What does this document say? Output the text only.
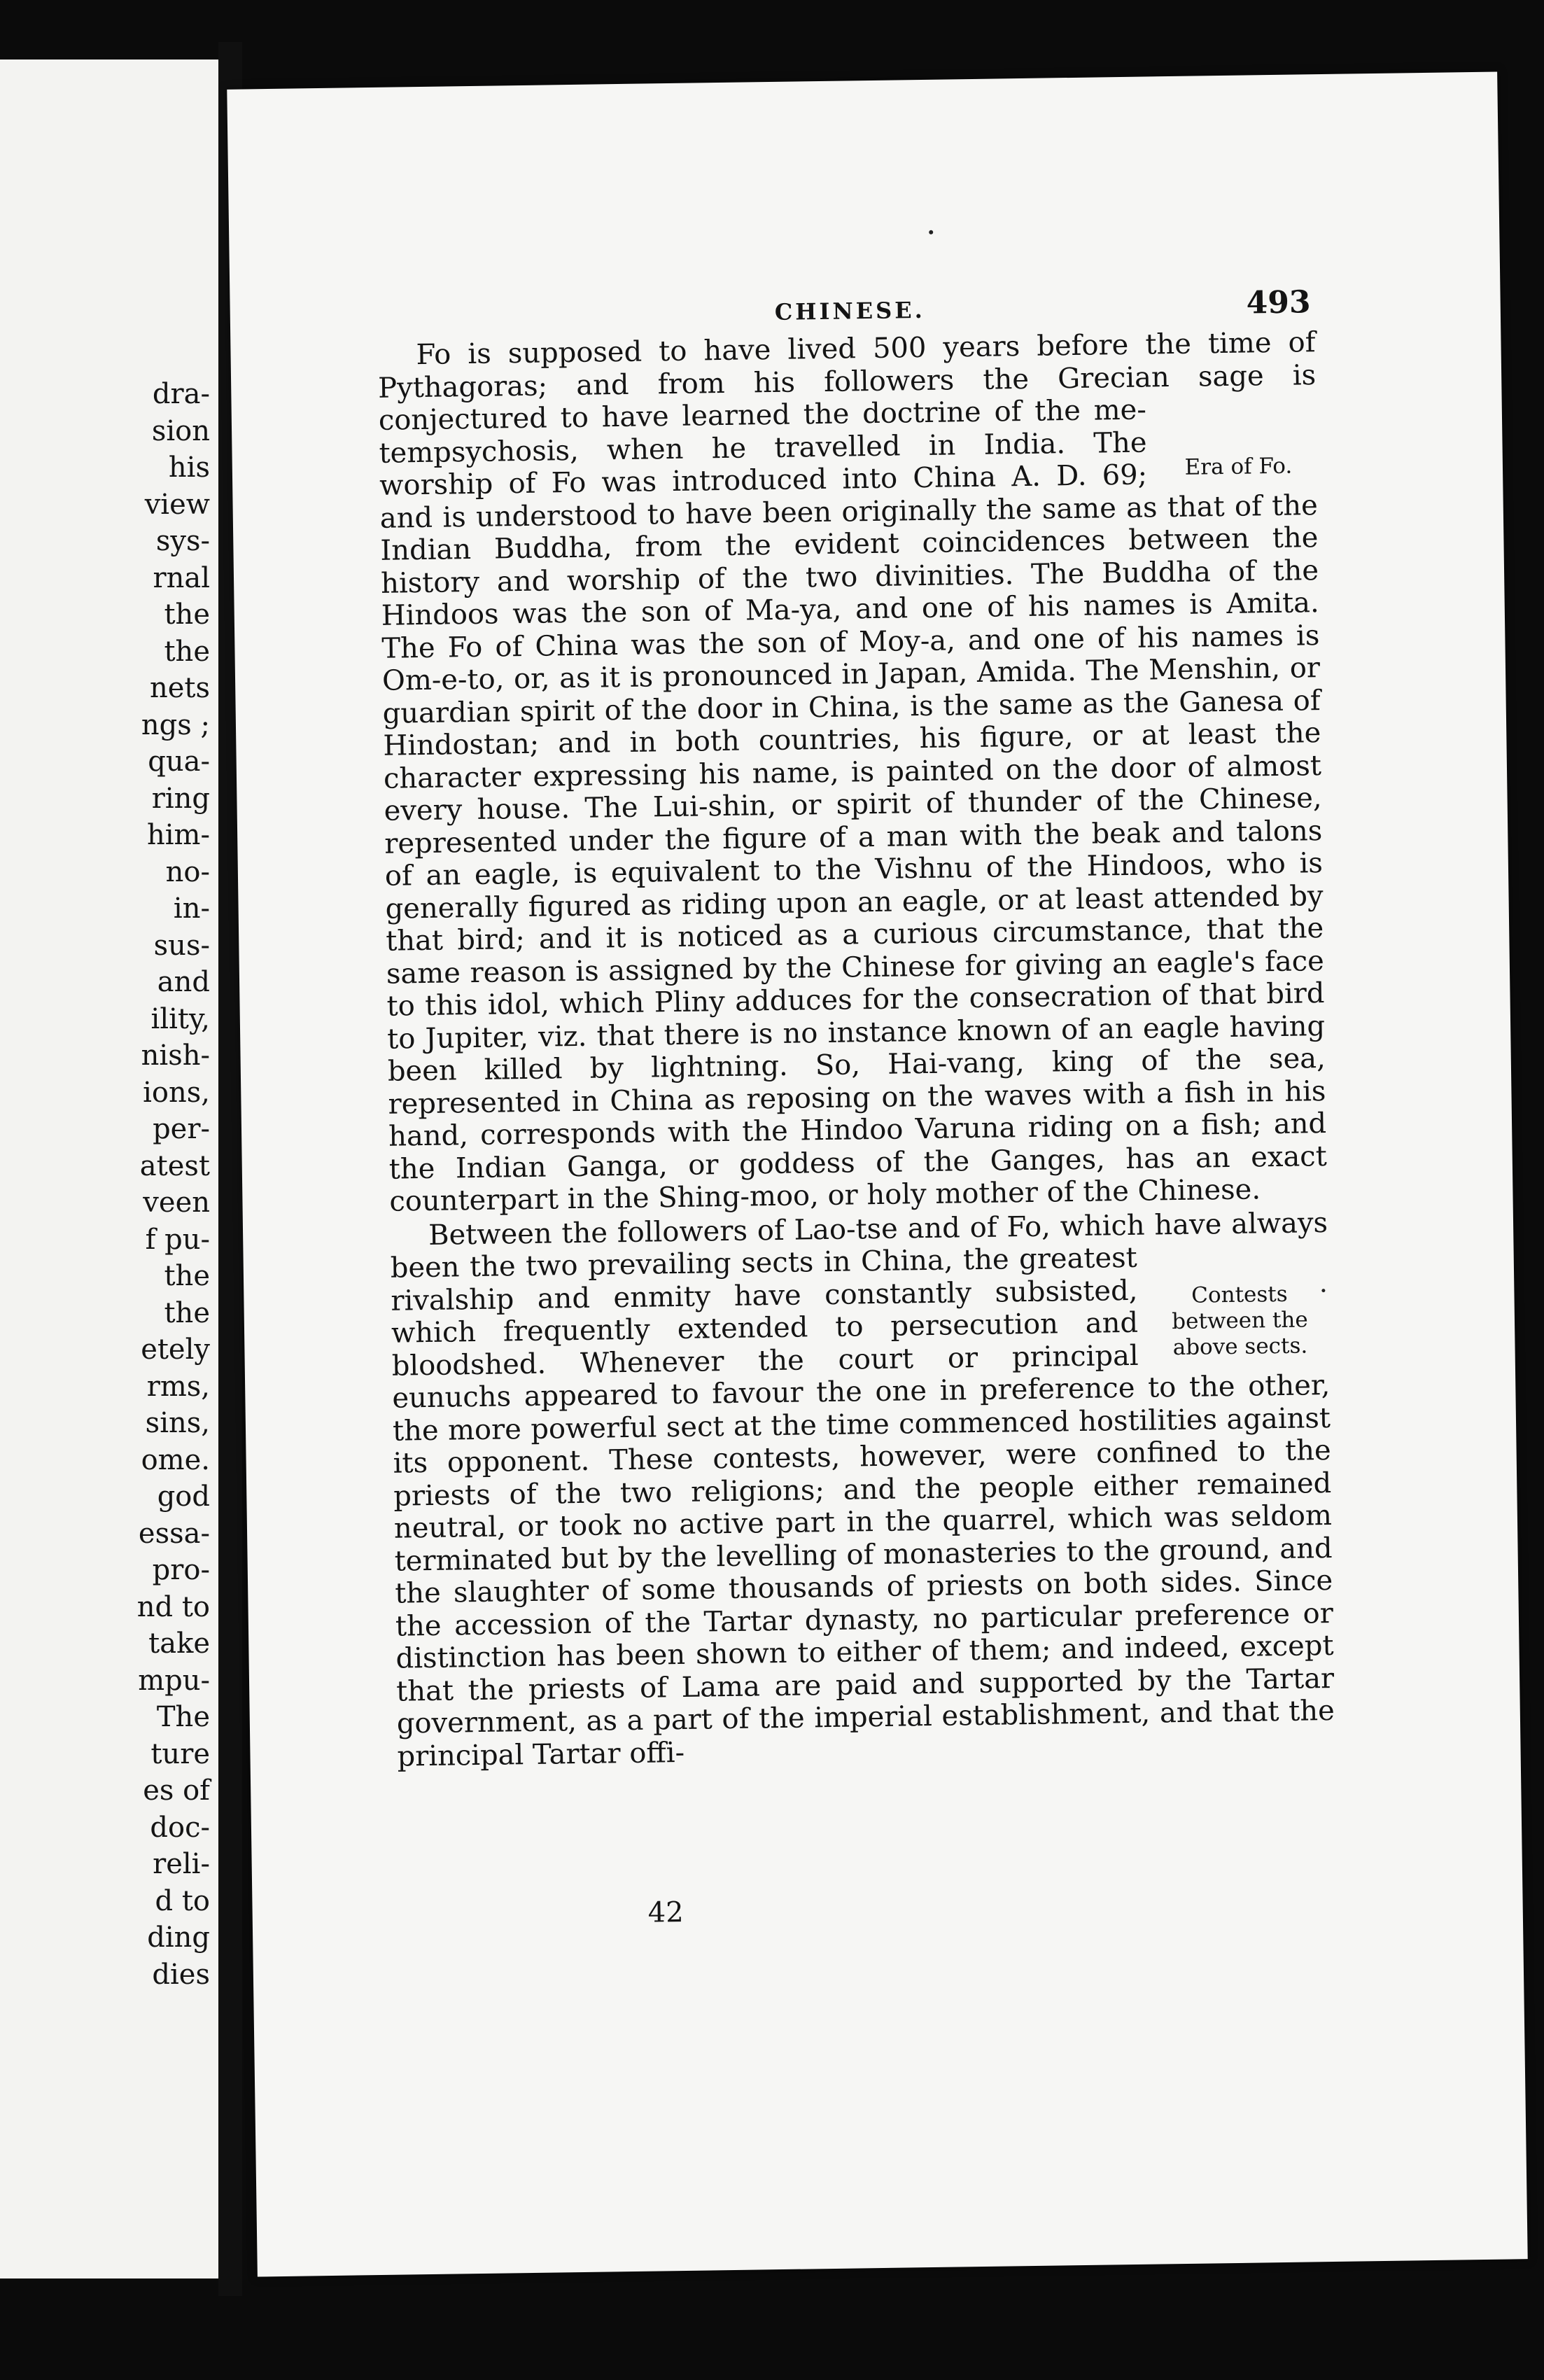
dra-
sion
his
view
sys-
rnal
the
the
nets
ngs ;
qua-
ring
him-
no-
in-
sus-
and
ility,
nish-
ions,
per-
atest
veen
f pu-
the
the
etely
rms,
sins,
ome.
god
essa-
pro-
nd to
take
mpu-
The
ture
es of
doc-
reli-
d to
ding
dies
CHINESE.	493

Fo is supposed to have lived 500 years before the time of Pythagoras; and from his followers the Grecian sage is conjectured to have learned the doctrine of the me-
Era of Fo.
tempsychosis, when he travelled in India. The worship of Fo was introduced into China A. D. 69; and is understood to have been originally the same as that of the Indian Buddha, from the evident coincidences between the history and worship of the two divinities. The Buddha of the Hindoos was the son of Ma-ya, and one of his names is Amita. The Fo of China was the son of Moy-a, and one of his names is Om-e-to, or, as it is pronounced in Japan, Amida. The Menshin, or guardian spirit of the door in China, is the same as the Ganesa of Hindostan; and in both countries, his figure, or at least the character expressing his name, is painted on the door of almost every house. The Lui-shin, or spirit of thunder of the Chinese, represented under the figure of a man with the beak and talons of an eagle, is equivalent to the Vishnu of the Hindoos, who is generally figured as riding upon an eagle, or at least attended by that bird; and it is noticed as a curious circumstance, that the same reason is assigned by the Chinese for giving an eagle's face to this idol, which Pliny adduces for the consecration of that bird to Jupiter, viz. that there is no instance known of an eagle having been killed by lightning. So, Hai-vang, king of the sea, represented in China as reposing on the waves with a fish in his hand, corresponds with the Hindoo Varuna riding on a fish; and the Indian Ganga, or goddess of the Ganges, has an exact counterpart in the Shing-moo, or holy mother of the Chinese.

Between the followers of Lao-tse and of Fo, which have always been the two prevailing sects in China,
Contests between the above sects.
the greatest rivalship and enmity have constantly subsisted, which frequently extended to persecution and bloodshed. Whenever the court or principal eunuchs appeared to favour the one in preference to the other, the more powerful sect at the time commenced hostilities against its opponent. These contests, however, were confined to the priests of the two religions; and the people either remained neutral, or took no active part in the quarrel, which was seldom terminated but by the levelling of monasteries to the ground, and the slaughter of some thousands of priests on both sides. Since the accession of the Tartar dynasty, no particular preference or distinction has been shown to either of them; and indeed, except that the priests of Lama are paid and supported by the Tartar government, as a part of the imperial establishment, and that the principal Tartar offi-

42
